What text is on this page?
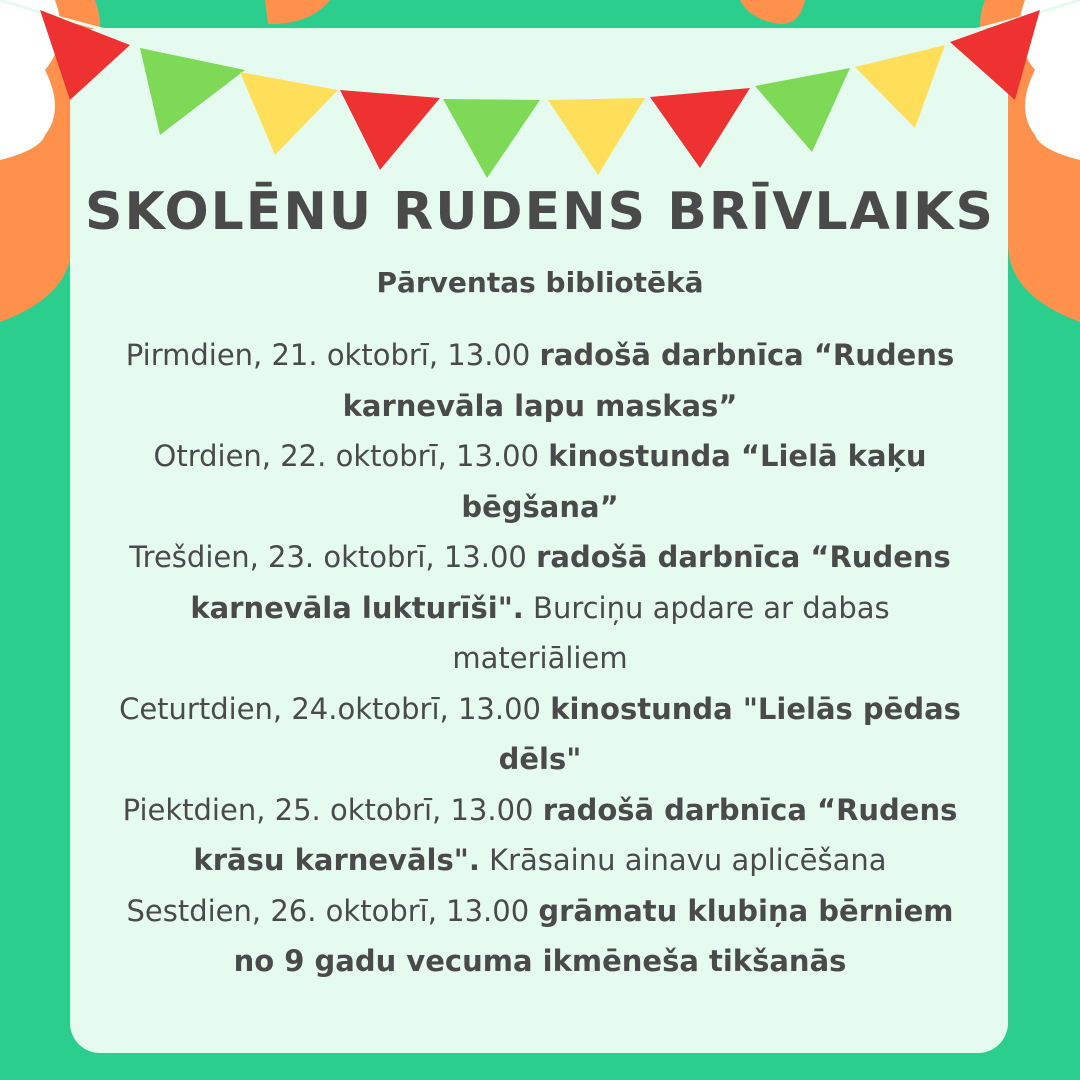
SKOLĒNU RUDENS BRĪVLAIKS
Pārventas bibliotēkā
Pirmdien, 21. oktobrī, 13.00 radošā darbnīca “Rudens karnevāla lapu maskas”
Otrdien, 22. oktobrī, 13.00 kinostunda “Lielā kaķu bēgšana”
Trešdien, 23. oktobrī, 13.00 radošā darbnīca “Rudens karnevāla lukturīši". Burciņu apdare ar dabas materiāliem
Ceturtdien, 24.oktobrī, 13.00 kinostunda "Lielās pēdas dēls"
Piektdien, 25. oktobrī, 13.00 radošā darbnīca “Rudens krāsu karnevāls". Krāsainu ainavu aplicēšana
Sestdien, 26. oktobrī, 13.00 grāmatu klubiņa bērniem no 9 gadu vecuma ikmēneša tikšanās
